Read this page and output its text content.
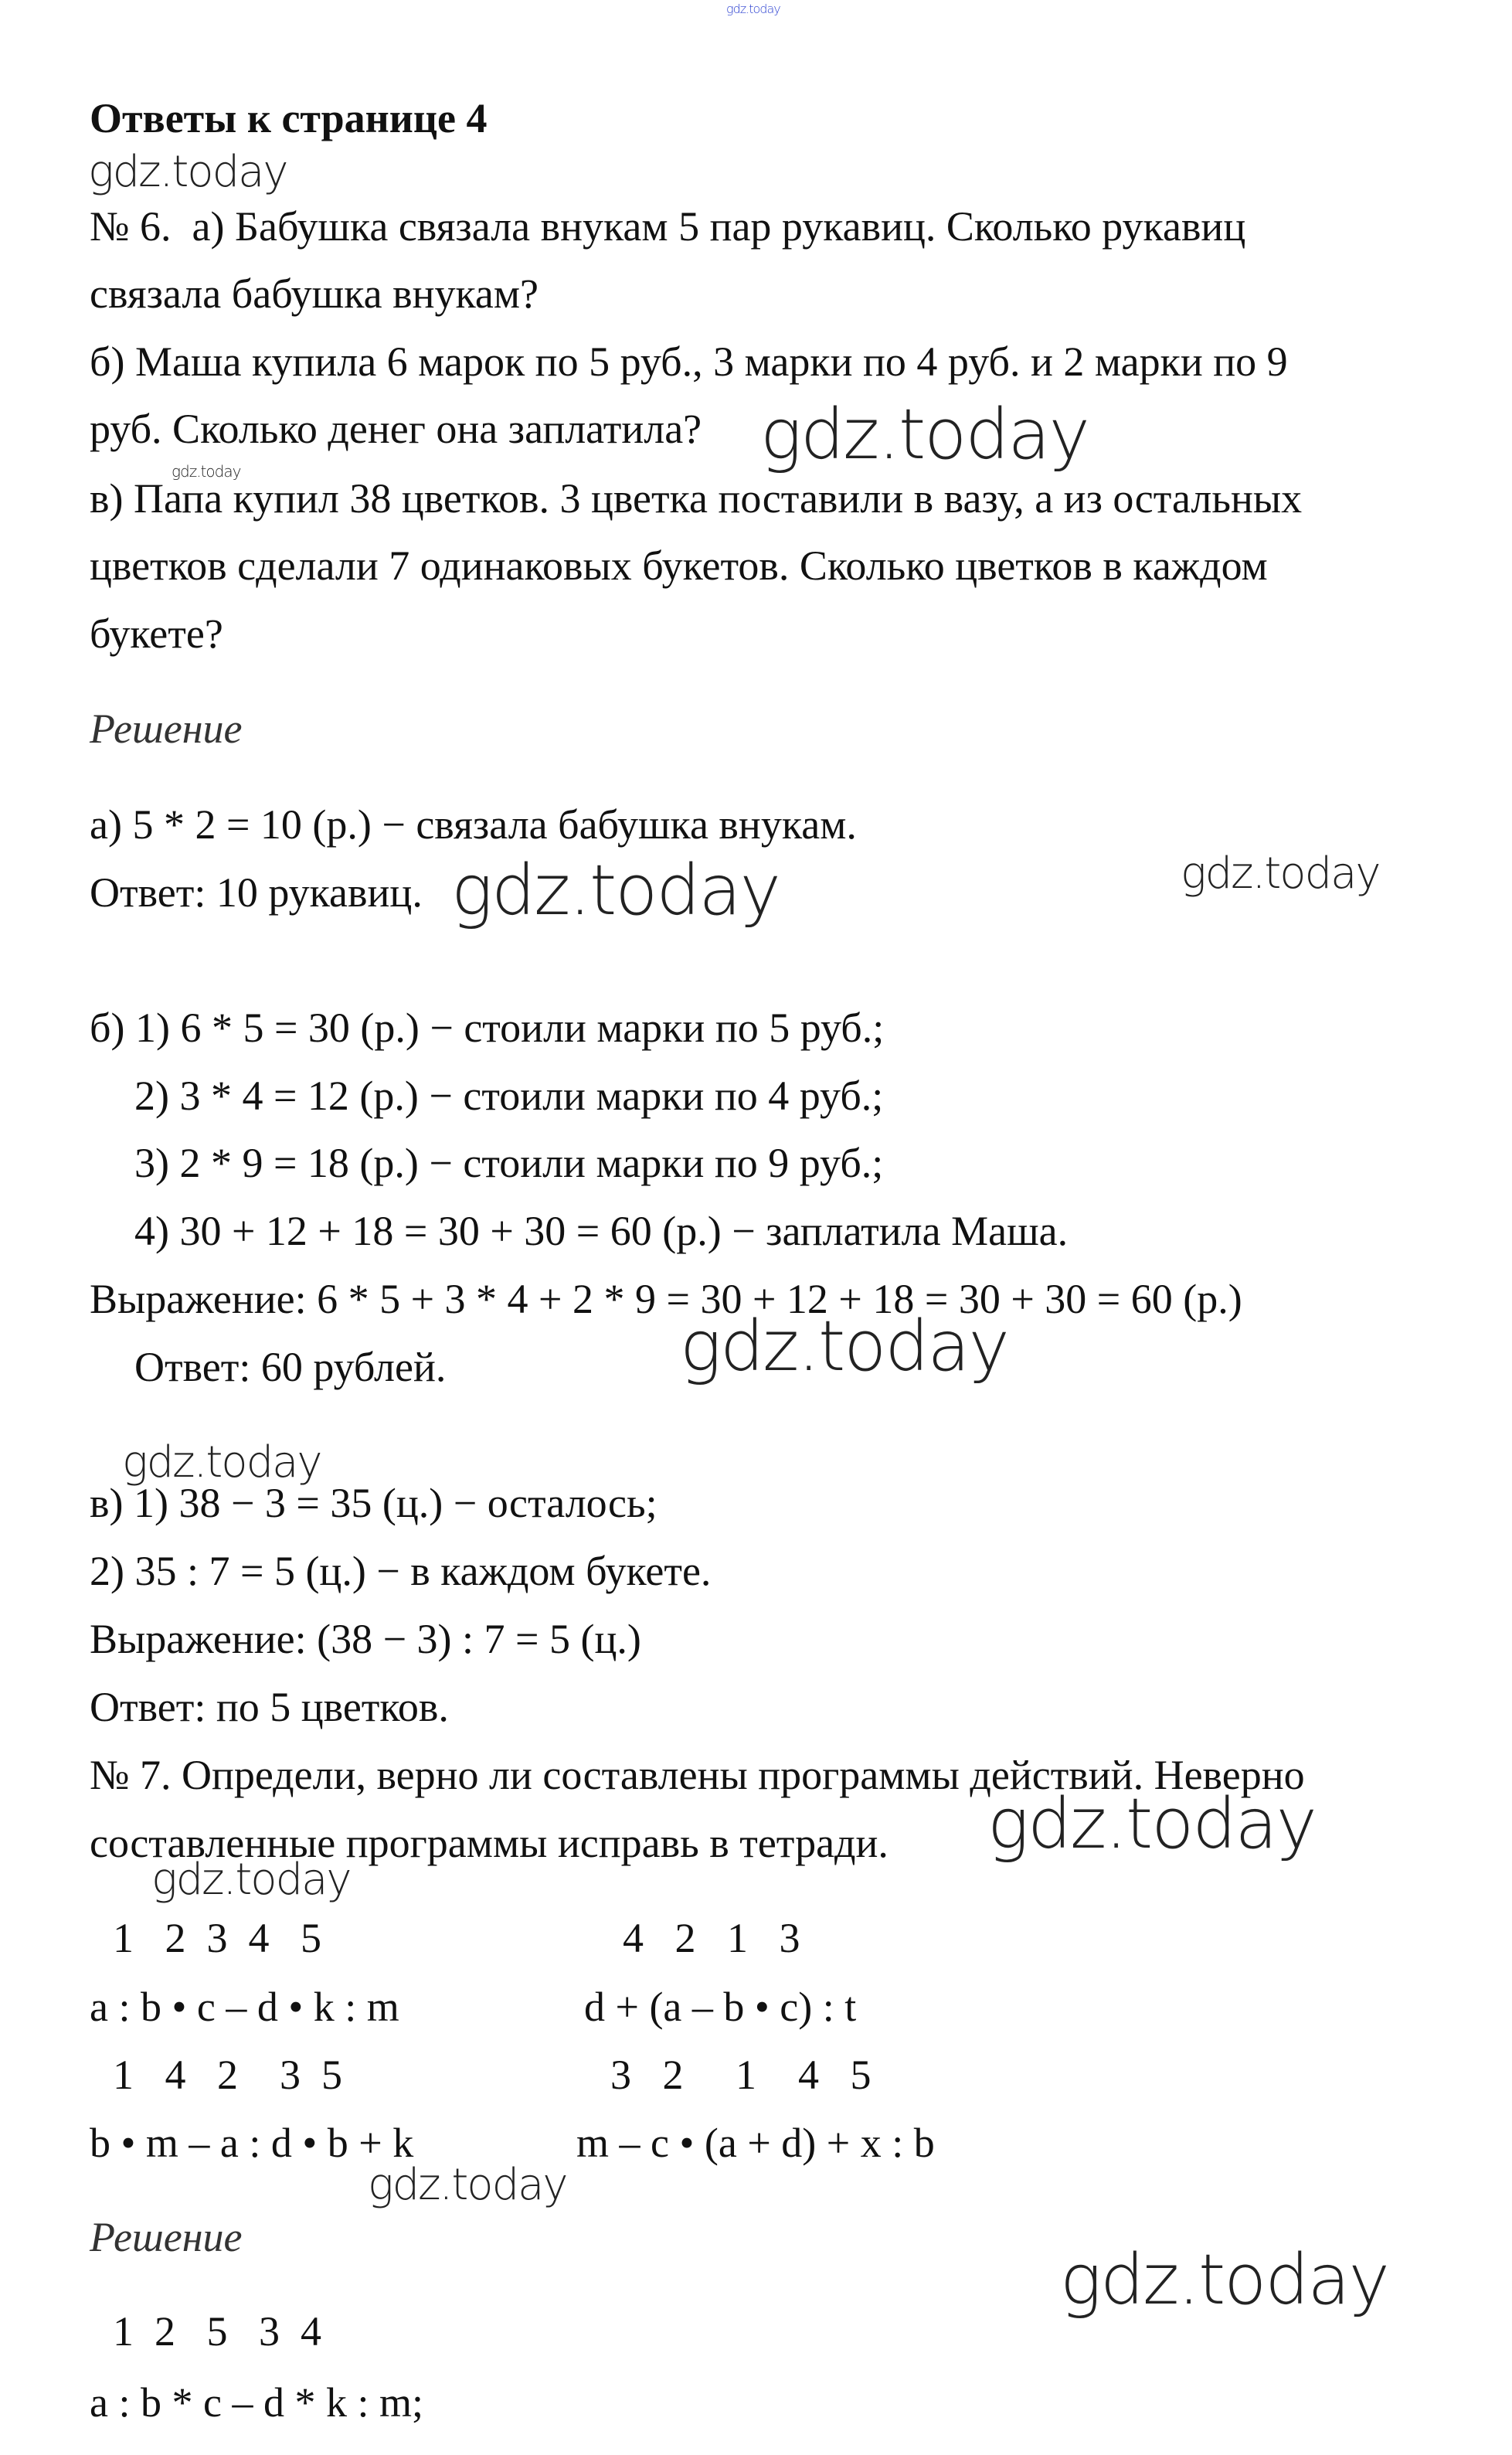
gdz.today
Ответы к странице 4
gdz.today
№ 6.  а) Бабушка связала внукам 5 пар рукавиц. Сколько рукавиц
связала бабушка внукам?
б) Маша купила 6 марок по 5 руб., 3 марки по 4 руб. и 2 марки по 9
руб. Сколько денег она заплатила? gdz.today
gdz.today
в) Папа купил 38 цветков. 3 цветка поставили в вазу, а из остальных
цветков сделали 7 одинаковых букетов. Сколько цветков в каждом
букете?
Решение
а) 5 * 2 = 10 (р.) − связала бабушка внукам.
Ответ: 10 рукавиц. gdz.today	gdz.today
б) 1) 6 * 5 = 30 (р.) − стоили марки по 5 руб.;
2) 3 * 4 = 12 (р.) − стоили марки по 4 руб.;
3) 2 * 9 = 18 (р.) − стоили марки по 9 руб.;
4) 30 + 12 + 18 = 30 + 30 = 60 (р.) − заплатила Маша.
Выражение: 6 * 5 + 3 * 4 + 2 * 9 = 30 + 12 + 18 = 30 + 30 = 60 (р.)
Ответ: 60 рублей.	gdz.today
gdz.today
в) 1) 38 − 3 = 35 (ц.) − осталось;
2) 35 : 7 = 5 (ц.) − в каждом букете.
Выражение: (38 − 3) : 7 = 5 (ц.)
Ответ: по 5 цветков.
№ 7. Определи, верно ли составлены программы действий. Неверно
составленные программы исправь в тетради. gdz.today
gdz.today
1   2  3  4   5	4   2   1   3
a : b • c – d • k : m	d + (a – b • c) : t
1   4   2    3  5	3   2     1    4   5
b • m – a : d • b + k	m – c • (a + d) + x : b
gdz.today
Решение
gdz.today
1  2   5   3  4
a : b * c – d * k : m;
